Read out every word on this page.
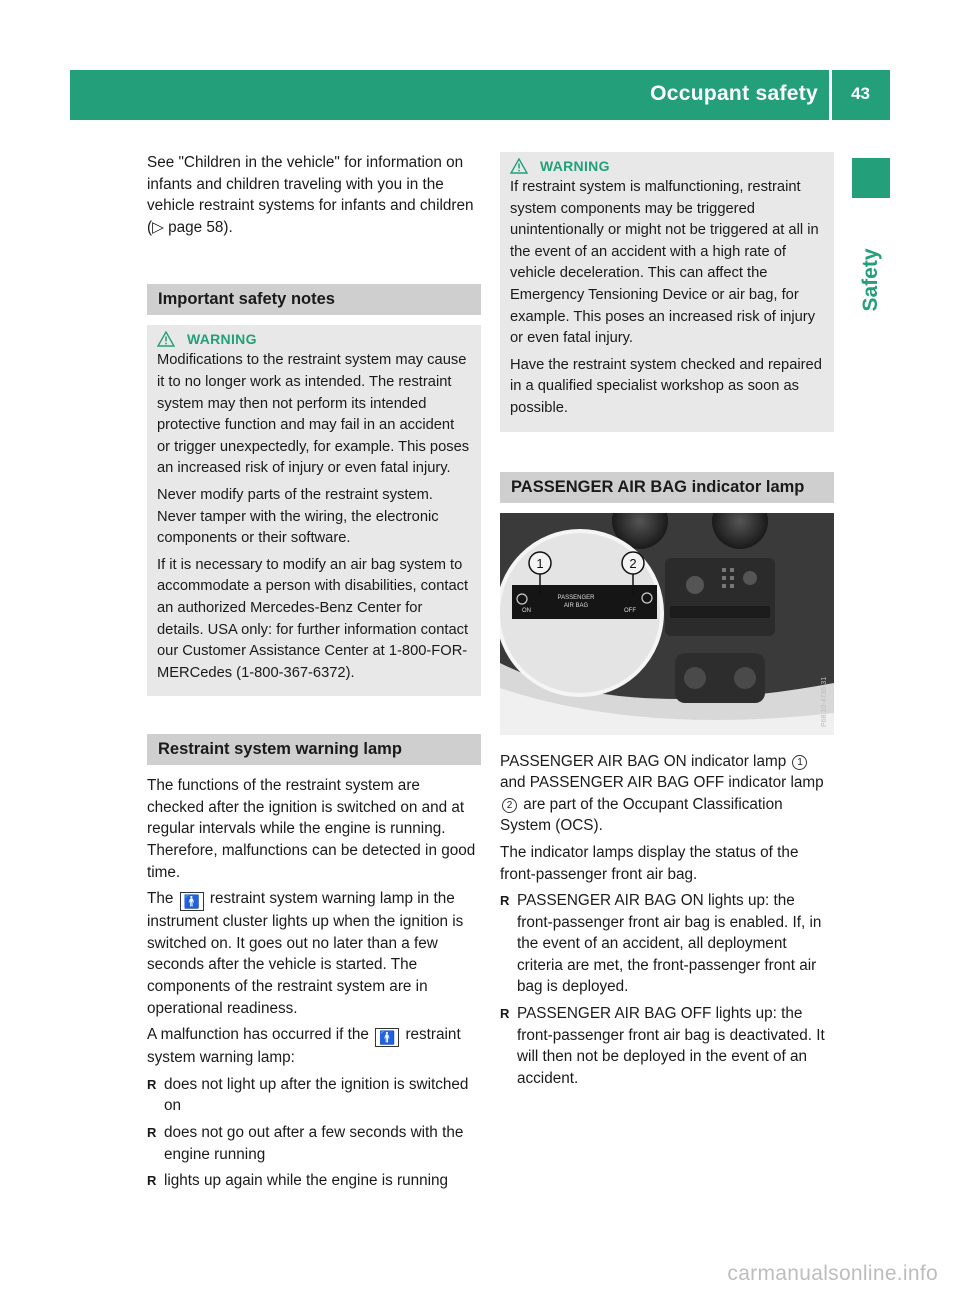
Occupant safety 43
Safety

See "Children in the vehicle" for information on infants and children traveling with you in the vehicle restraint systems for infants and children (▷ page 58).

Important safety notes
WARNING

Modifications to the restraint system may cause it to no longer work as intended. The restraint system may then not perform its intended protective function and may fail in an accident or trigger unexpectedly, for example. This poses an increased risk of injury or even fatal injury.

Never modify parts of the restraint system. Never tamper with the wiring, the electronic components or their software.

If it is necessary to modify an air bag system to accommodate a person with disabilities, contact an authorized Mercedes-Benz Center for details. USA only: for further information contact our Customer Assistance Center at 1-800-FOR-MERCedes (1-800-367-6372).

Restraint system warning lamp

The functions of the restraint system are checked after the ignition is switched on and at regular intervals while the engine is running. Therefore, malfunctions can be detected in good time.

The 🚹 restraint system warning lamp in the instrument cluster lights up when the ignition is switched on. It goes out no later than a few seconds after the vehicle is started. The components of the restraint system are in operational readiness.

A malfunction has occurred if the 🚹 restraint system warning lamp:

R does not light up after the ignition is switched on
R does not go out after a few seconds with the engine running
R lights up again while the engine is running
WARNING

If restraint system is malfunctioning, restraint system components may be triggered unintentionally or might not be triggered at all in the event of an accident with a high rate of vehicle deceleration. This can affect the Emergency Tensioning Device or air bag, for example. This poses an increased risk of injury or even fatal injury.

Have the restraint system checked and repaired in a qualified specialist workshop as soon as possible.

PASSENGER AIR BAG indicator lamp
ON
PASSENGER
AIR BAG
OFF
1	2
P68.10-4736-31

PASSENGER AIR BAG ON indicator lamp 1 and PASSENGER AIR BAG OFF indicator lamp 2 are part of the Occupant Classification System (OCS).

The indicator lamps display the status of the front-passenger front air bag.

R PASSENGER AIR BAG ON lights up: the front-passenger front air bag is enabled. If, in the event of an accident, all deployment criteria are met, the front-passenger front air bag is deployed.
R PASSENGER AIR BAG OFF lights up: the front-passenger front air bag is deactivated. It will then not be deployed in the event of an accident.
carmanualsonline.info
